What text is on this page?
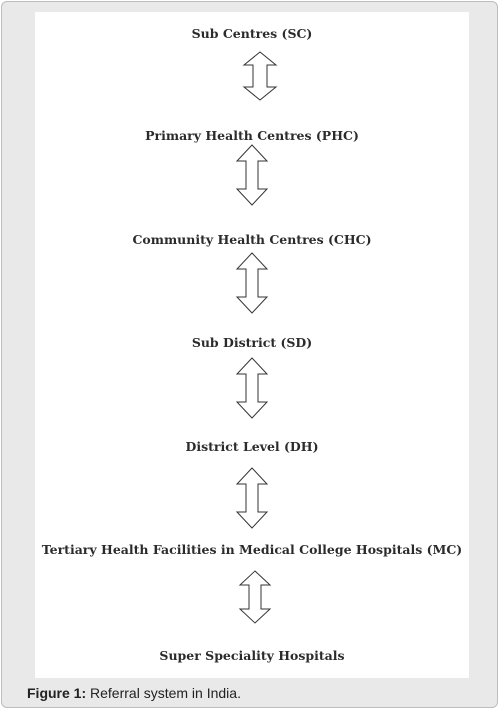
Sub Centres (SC)
Primary Health Centres (PHC)
Community Health Centres (CHC)
Sub District (SD)
District Level (DH)
Tertiary Health Facilities in Medical College Hospitals (MC)
Super Speciality Hospitals
Figure 1: Referral system in India.
